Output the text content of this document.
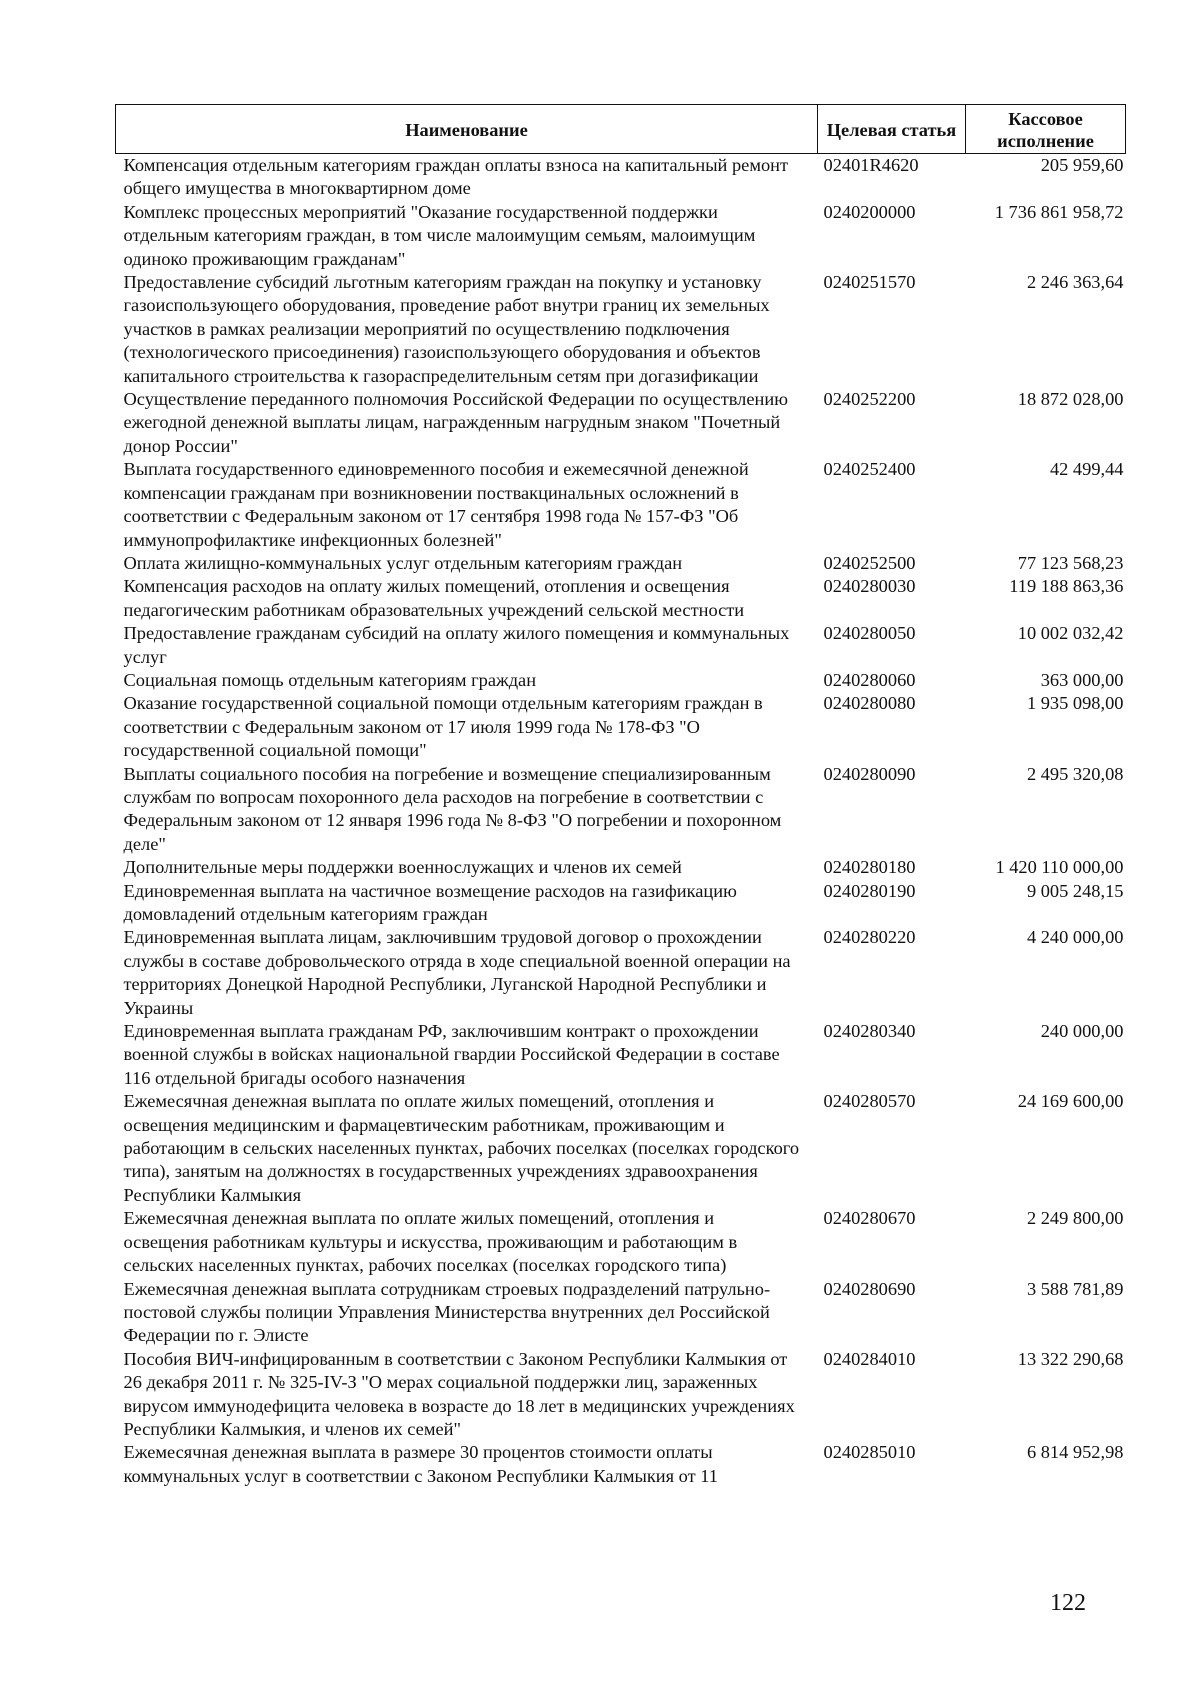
Наименование	Целевая статья	Кассовое исполнение
Компенсация отдельным категориям граждан оплаты взноса на капитальный ремонт общего имущества в многоквартирном доме	02401R4620	205 959,60
Комплекс процессных мероприятий "Оказание государственной поддержки отдельным категориям граждан, в том числе малоимущим семьям, малоимущим одиноко проживающим гражданам"	0240200000	1 736 861 958,72
Предоставление субсидий льготным категориям граждан на покупку и установку газоиспользующего оборудования, проведение работ внутри границ их земельных участков в рамках реализации мероприятий по осуществлению подключения (технологического присоединения) газоиспользующего оборудования и объектов капитального строительства к газораспределительным сетям при догазификации	0240251570	2 246 363,64
Осуществление переданного полномочия Российской Федерации по осуществлению ежегодной денежной выплаты лицам, награжденным нагрудным знаком "Почетный донор России"	0240252200	18 872 028,00
Выплата государственного единовременного пособия и ежемесячной денежной компенсации гражданам при возникновении поствакцинальных осложнений в соответствии с Федеральным законом от 17 сентября 1998 года № 157-ФЗ "Об иммунопрофилактике инфекционных болезней"	0240252400	42 499,44
Оплата жилищно-коммунальных услуг отдельным категориям граждан	0240252500	77 123 568,23
Компенсация расходов на оплату жилых помещений, отопления и освещения педагогическим работникам образовательных учреждений сельской местности	0240280030	119 188 863,36
Предоставление гражданам субсидий на оплату жилого помещения и коммунальных услуг	0240280050	10 002 032,42
Социальная помощь отдельным категориям граждан	0240280060	363 000,00
Оказание государственной социальной помощи отдельным категориям граждан в соответствии с Федеральным законом от 17 июля 1999 года № 178-ФЗ "О государственной социальной помощи"	0240280080	1 935 098,00
Выплаты социального пособия на погребение и возмещение специализированным службам по вопросам похоронного дела расходов на погребение в соответствии с Федеральным законом от 12 января 1996 года № 8-ФЗ "О погребении и похоронном деле"	0240280090	2 495 320,08
Дополнительные меры поддержки военнослужащих и членов их семей	0240280180	1 420 110 000,00
Единовременная выплата на частичное возмещение расходов на газификацию домовладений отдельным категориям граждан	0240280190	9 005 248,15
Единовременная выплата лицам, заключившим трудовой договор о прохождении службы в составе добровольческого отряда в ходе специальной военной операции на территориях Донецкой Народной Республики, Луганской Народной Республики и Украины	0240280220	4 240 000,00
Единовременная выплата гражданам РФ, заключившим контракт о прохождении военной службы в войсках национальной гвардии Российской Федерации в составе 116 отдельной бригады особого назначения	0240280340	240 000,00
Ежемесячная денежная выплата по оплате жилых помещений, отопления и освещения медицинским и фармацевтическим работникам, проживающим и работающим в сельских населенных пунктах, рабочих поселках (поселках городского типа), занятым на должностях в государственных учреждениях здравоохранения Республики Калмыкия	0240280570	24 169 600,00
Ежемесячная денежная выплата по оплате жилых помещений, отопления и освещения работникам культуры и искусства, проживающим и работающим в сельских населенных пунктах, рабочих поселках (поселках городского типа)	0240280670	2 249 800,00
Ежемесячная денежная выплата сотрудникам строевых подразделений патрульно-постовой службы полиции Управления Министерства внутренних дел Российской Федерации по г. Элисте	0240280690	3 588 781,89
Пособия ВИЧ-инфицированным в соответствии с Законом Республики Калмыкия от 26 декабря 2011 г. № 325-IV-З "О мерах социальной поддержки лиц, зараженных вирусом иммунодефицита человека в возрасте до 18 лет в медицинских учреждениях Республики Калмыкия, и членов их семей"	0240284010	13 322 290,68
Ежемесячная денежная выплата в размере 30 процентов стоимости оплаты коммунальных услуг в соответствии с Законом Республики Калмыкия от 11	0240285010	6 814 952,98
122
